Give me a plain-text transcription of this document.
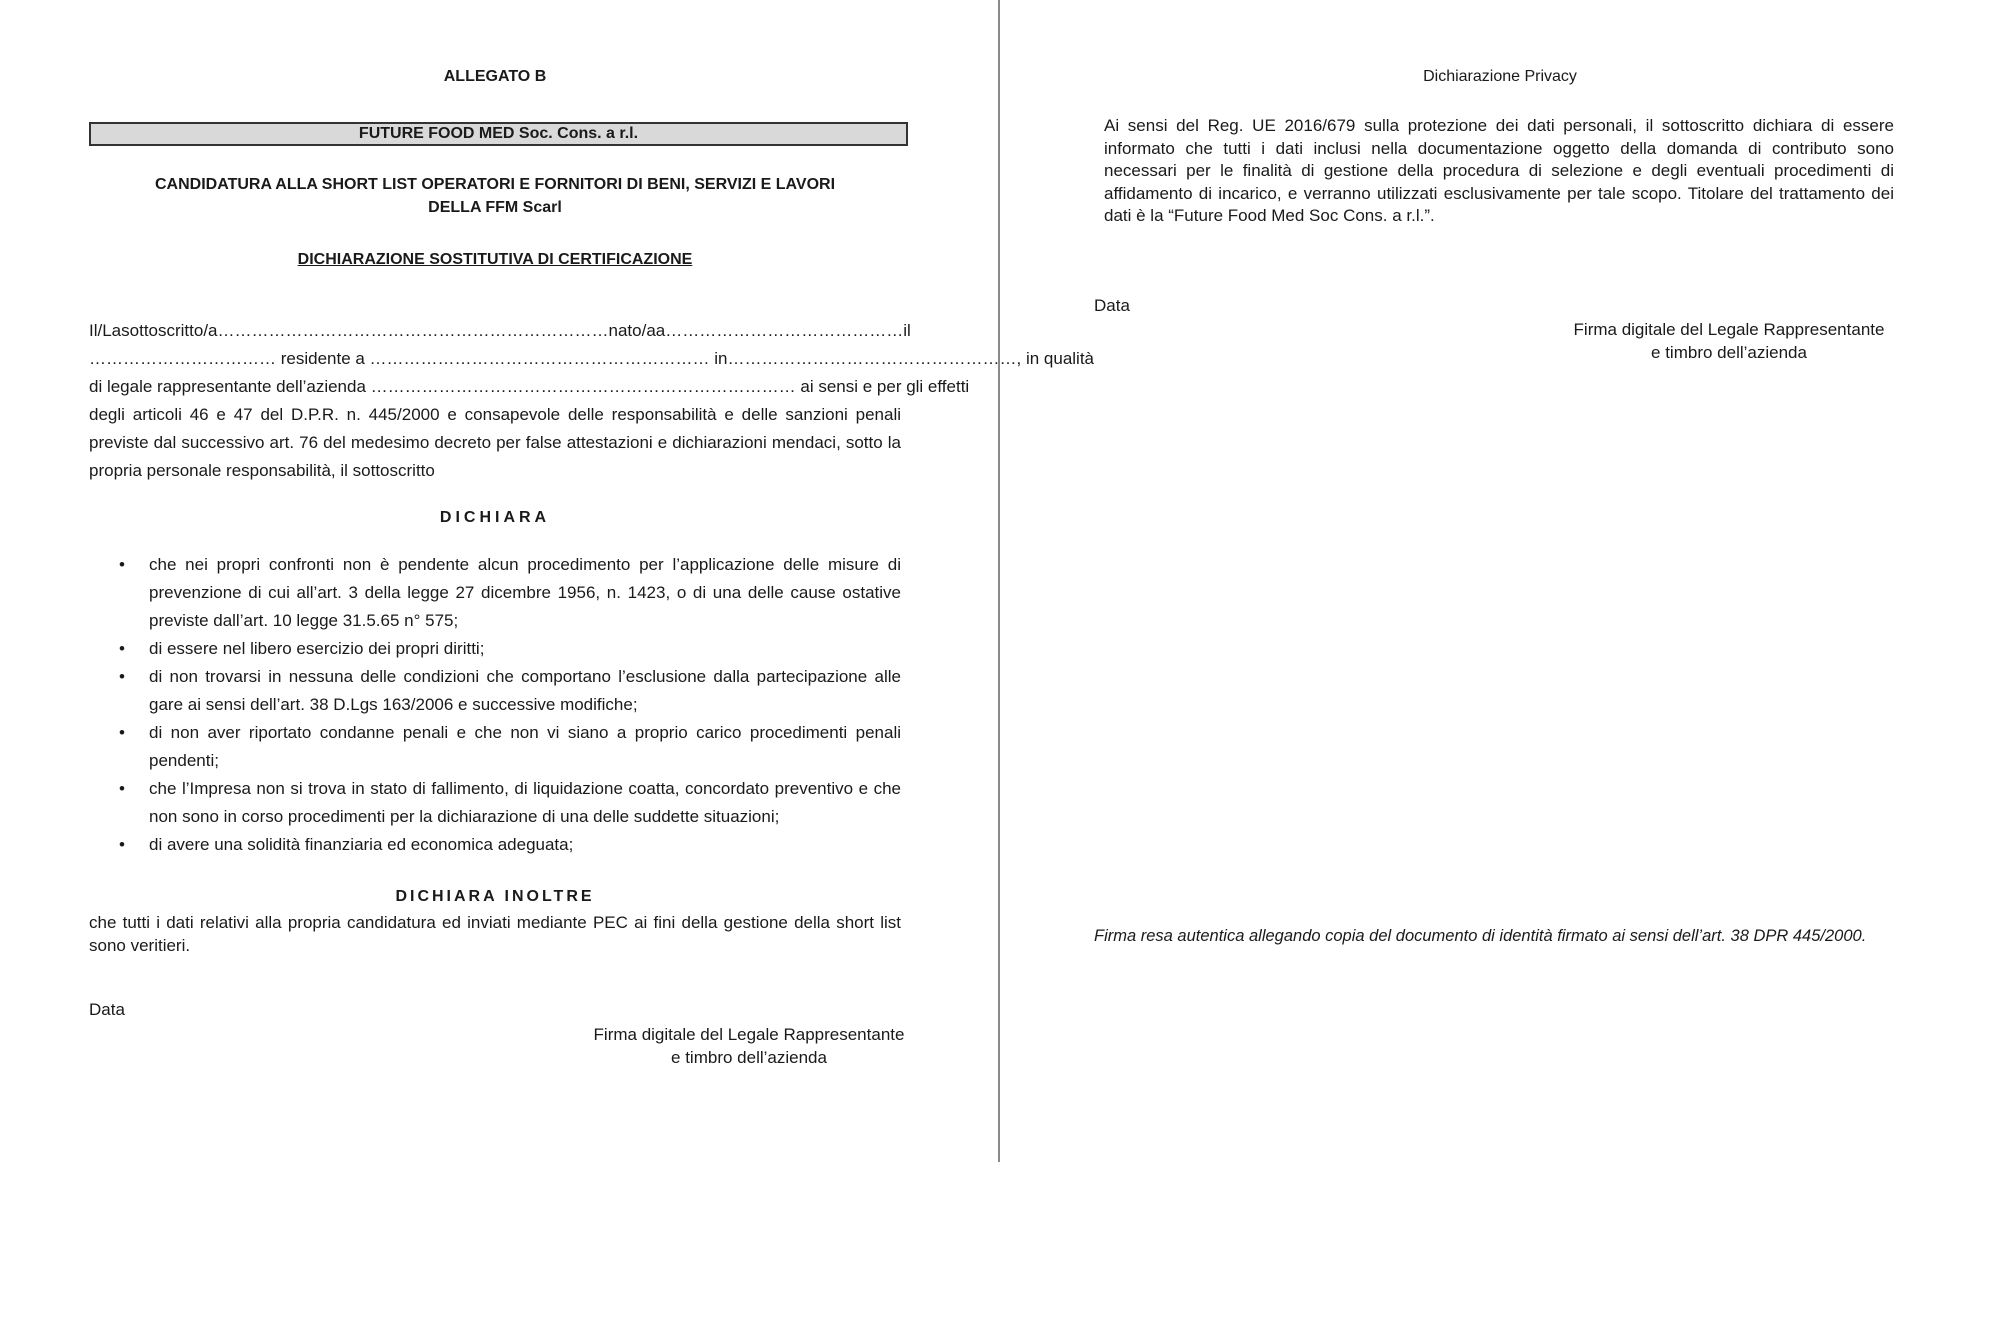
ALLEGATO B

FUTURE FOOD MED Soc. Cons. a r.l.
CANDIDATURA ALLA SHORT LIST OPERATORI E FORNITORI DI BENI, SERVIZI E LAVORI
DELLA FFM Scarl

DICHIARAZIONE SOSTITUTIVA DI CERTIFICAZIONE

Il/La sottoscritto/a…………………………………………………………… nato/a a…………………………………… il
…………………………… residente a …………………………………………………… in……………………………………………, in qualità
di legale rappresentante dell’azienda ………………………………………………………………… ai sensi e per gli effetti

degli articoli 46 e 47 del D.P.R. n. 445/2000 e consapevole delle responsabilità e delle sanzioni penali previste dal successivo art. 76 del medesimo decreto per false attestazioni e dichiarazioni mendaci, sotto la propria personale responsabilità, il sottoscritto

DICHIARA

• che nei propri confronti non è pendente alcun procedimento per l’applicazione delle misure di prevenzione di cui all’art. 3 della legge 27 dicembre 1956, n. 1423, o di una delle cause ostative previste dall’art. 10 legge 31.5.65 n° 575;
• di essere nel libero esercizio dei propri diritti;
• di non trovarsi in nessuna delle condizioni che comportano l’esclusione dalla partecipazione alle gare ai sensi dell’art. 38 D.Lgs 163/2006 e successive modifiche;
• di non aver riportato condanne penali e che non vi siano a proprio carico procedimenti penali pendenti;
• che l’Impresa non si trova in stato di fallimento, di liquidazione coatta, concordato preventivo e che non sono in corso procedimenti per la dichiarazione di una delle suddette situazioni;
• di avere una solidità finanziaria ed economica adeguata;

DICHIARA INOLTRE

che tutti i dati relativi alla propria candidatura ed inviati mediante PEC ai fini della gestione della short list sono veritieri.

Data

Firma digitale del Legale Rappresentante
e timbro dell’azienda

Dichiarazione Privacy

Ai sensi del Reg. UE 2016/679 sulla protezione dei dati personali, il sottoscritto dichiara di essere informato che tutti i dati inclusi nella documentazione oggetto della domanda di contributo sono necessari per le finalità di gestione della procedura di selezione e degli eventuali procedimenti di affidamento di incarico, e verranno utilizzati esclusivamente per tale scopo. Titolare del trattamento dei dati è la “Future Food Med Soc Cons. a r.l.”.

Data

Firma digitale del Legale Rappresentante
e timbro dell’azienda

Firma resa autentica allegando copia del documento di identità firmato ai sensi dell’art. 38 DPR 445/2000.
